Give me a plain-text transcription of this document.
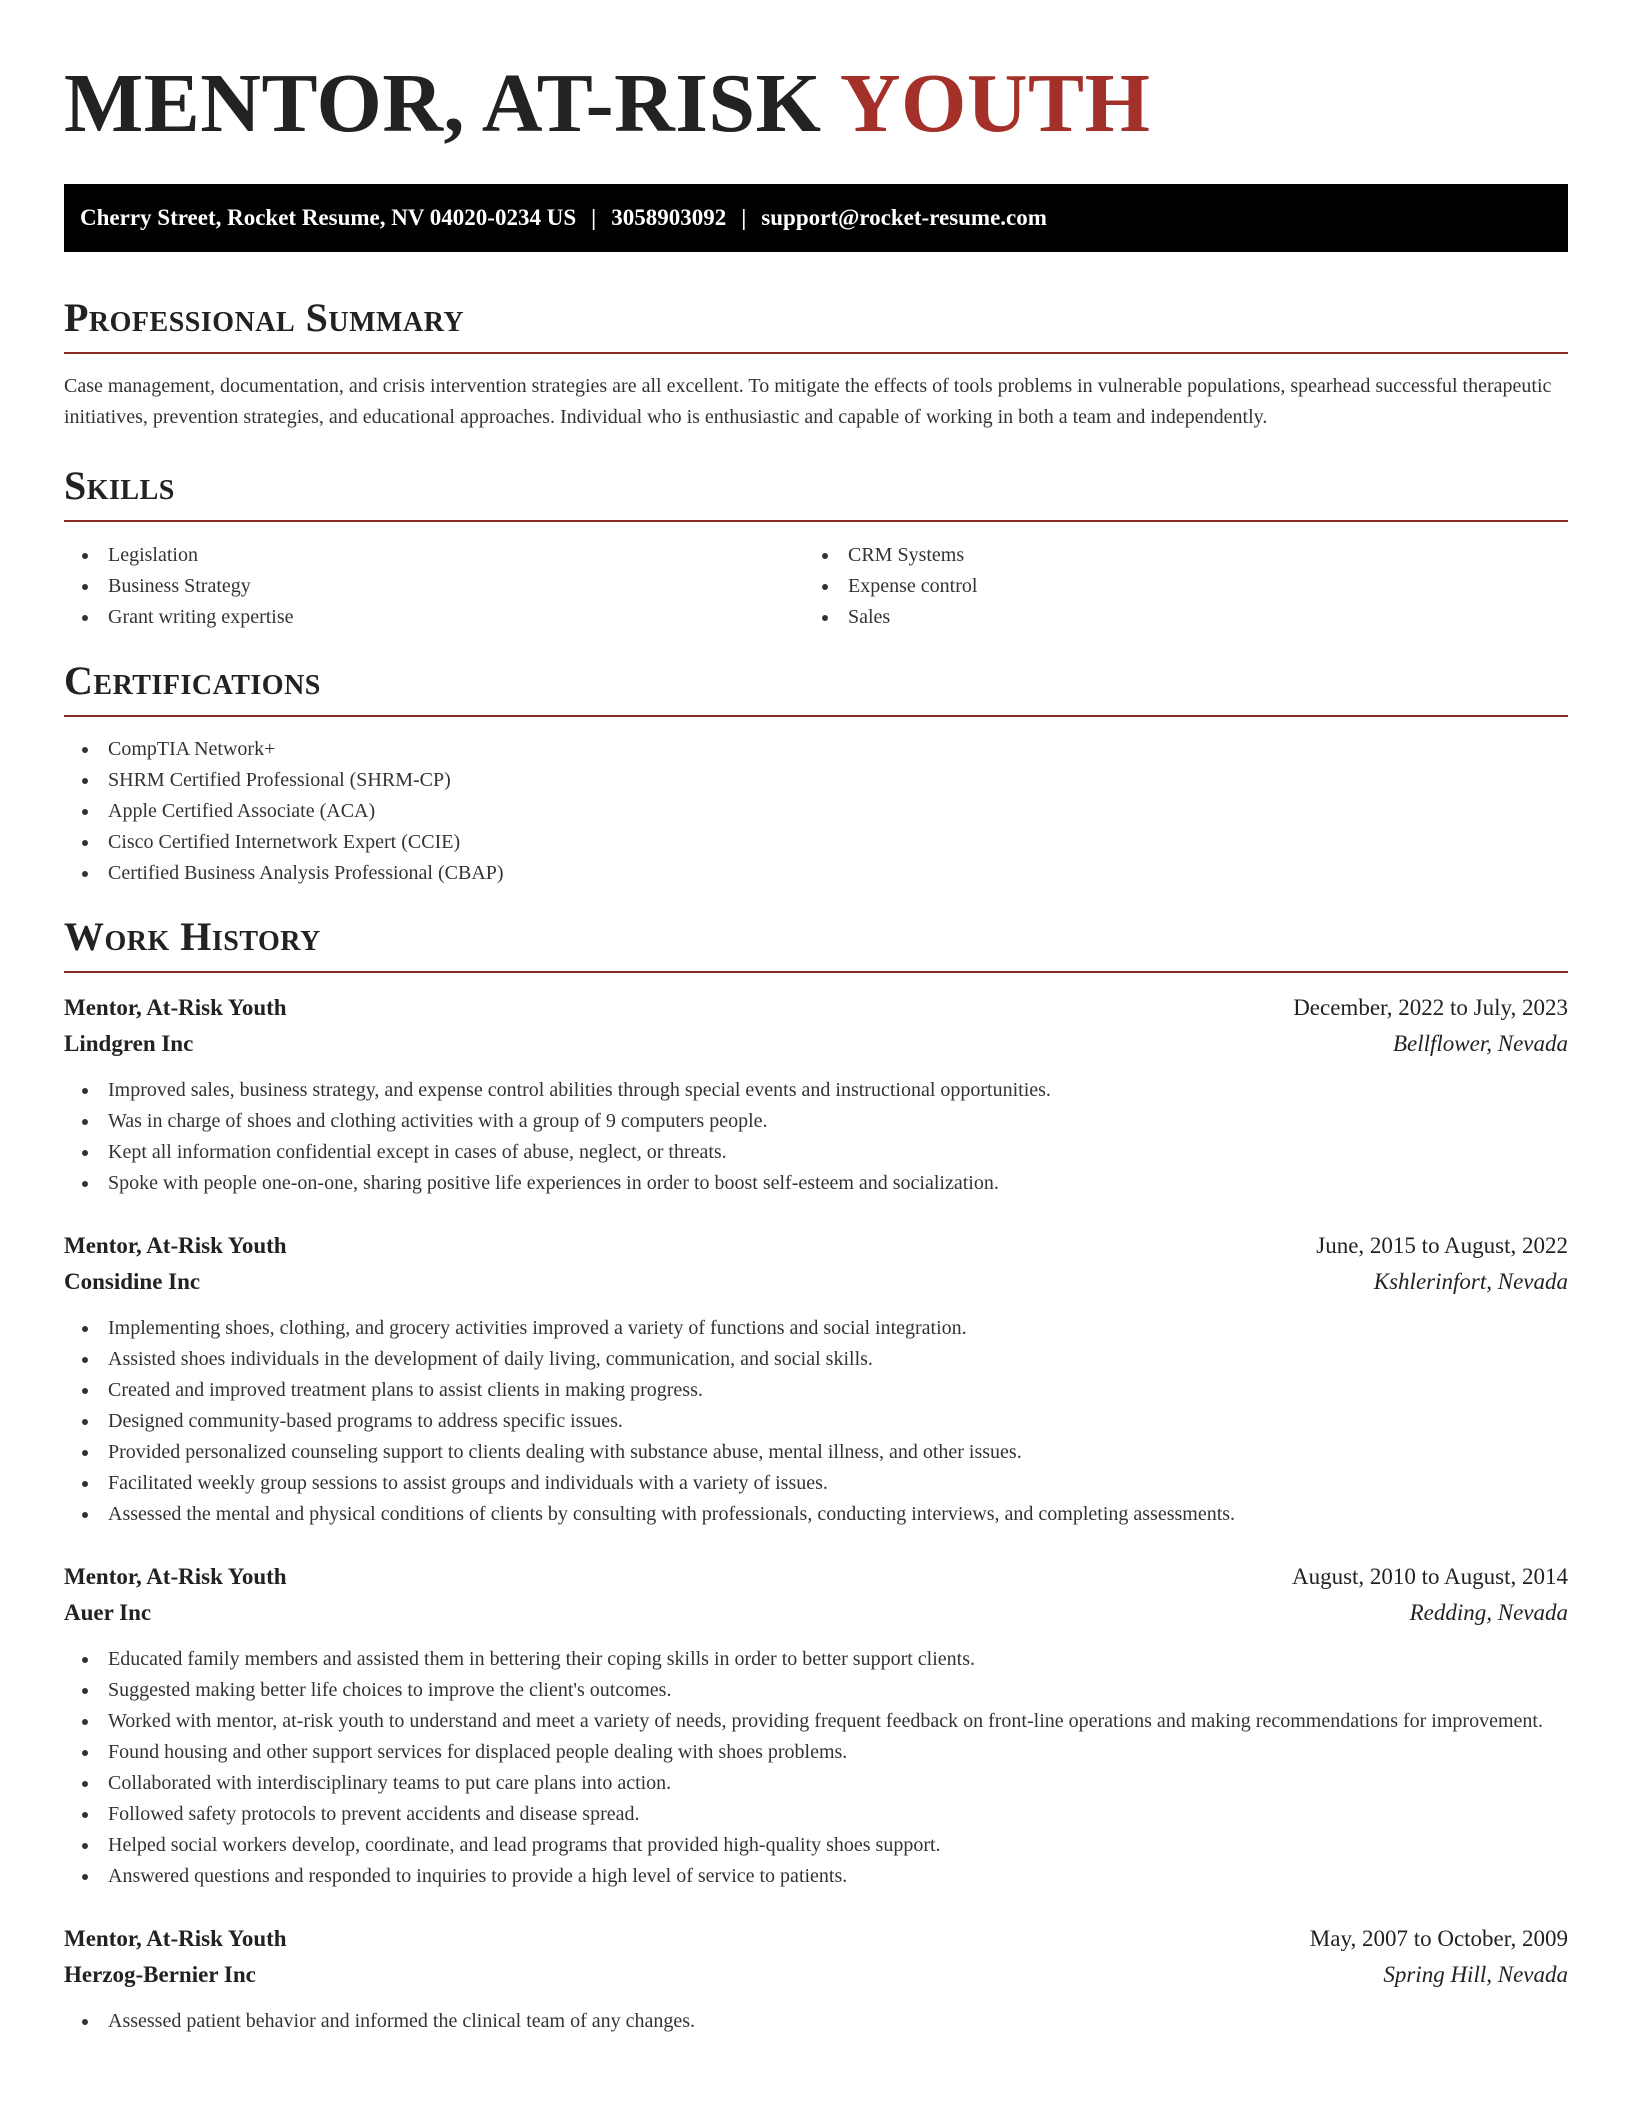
MENTOR, AT-RISK YOUTH
Cherry Street, Rocket Resume, NV 04020-0234 US | 3058903092 | support@rocket-resume.com
Professional Summary

Case management, documentation, and crisis intervention strategies are all excellent. To mitigate the effects of tools problems in vulnerable populations, spearhead successful therapeutic initiatives, prevention strategies, and educational approaches. Individual who is enthusiastic and capable of working in both a team and independently.

Skills
Legislation
Business Strategy
Grant writing expertise
CRM Systems
Expense control
Sales
Certifications
CompTIA Network+
SHRM Certified Professional (SHRM-CP)
Apple Certified Associate (ACA)
Cisco Certified Internetwork Expert (CCIE)
Certified Business Analysis Professional (CBAP)
Work History
Mentor, At-Risk Youth	December, 2022 to July, 2023
Lindgren Inc	Bellflower, Nevada
Improved sales, business strategy, and expense control abilities through special events and instructional opportunities.
Was in charge of shoes and clothing activities with a group of 9 computers people.
Kept all information confidential except in cases of abuse, neglect, or threats.
Spoke with people one-on-one, sharing positive life experiences in order to boost self-esteem and socialization.
Mentor, At-Risk Youth	June, 2015 to August, 2022
Considine Inc	Kshlerinfort, Nevada
Implementing shoes, clothing, and grocery activities improved a variety of functions and social integration.
Assisted shoes individuals in the development of daily living, communication, and social skills.
Created and improved treatment plans to assist clients in making progress.
Designed community-based programs to address specific issues.
Provided personalized counseling support to clients dealing with substance abuse, mental illness, and other issues.
Facilitated weekly group sessions to assist groups and individuals with a variety of issues.
Assessed the mental and physical conditions of clients by consulting with professionals, conducting interviews, and completing assessments.
Mentor, At-Risk Youth	August, 2010 to August, 2014
Auer Inc	Redding, Nevada
Educated family members and assisted them in bettering their coping skills in order to better support clients.
Suggested making better life choices to improve the client's outcomes.
Worked with mentor, at-risk youth to understand and meet a variety of needs, providing frequent feedback on front-line operations and making recommendations for improvement.
Found housing and other support services for displaced people dealing with shoes problems.
Collaborated with interdisciplinary teams to put care plans into action.
Followed safety protocols to prevent accidents and disease spread.
Helped social workers develop, coordinate, and lead programs that provided high-quality shoes support.
Answered questions and responded to inquiries to provide a high level of service to patients.
Mentor, At-Risk Youth	May, 2007 to October, 2009
Herzog-Bernier Inc	Spring Hill, Nevada
Assessed patient behavior and informed the clinical team of any changes.
